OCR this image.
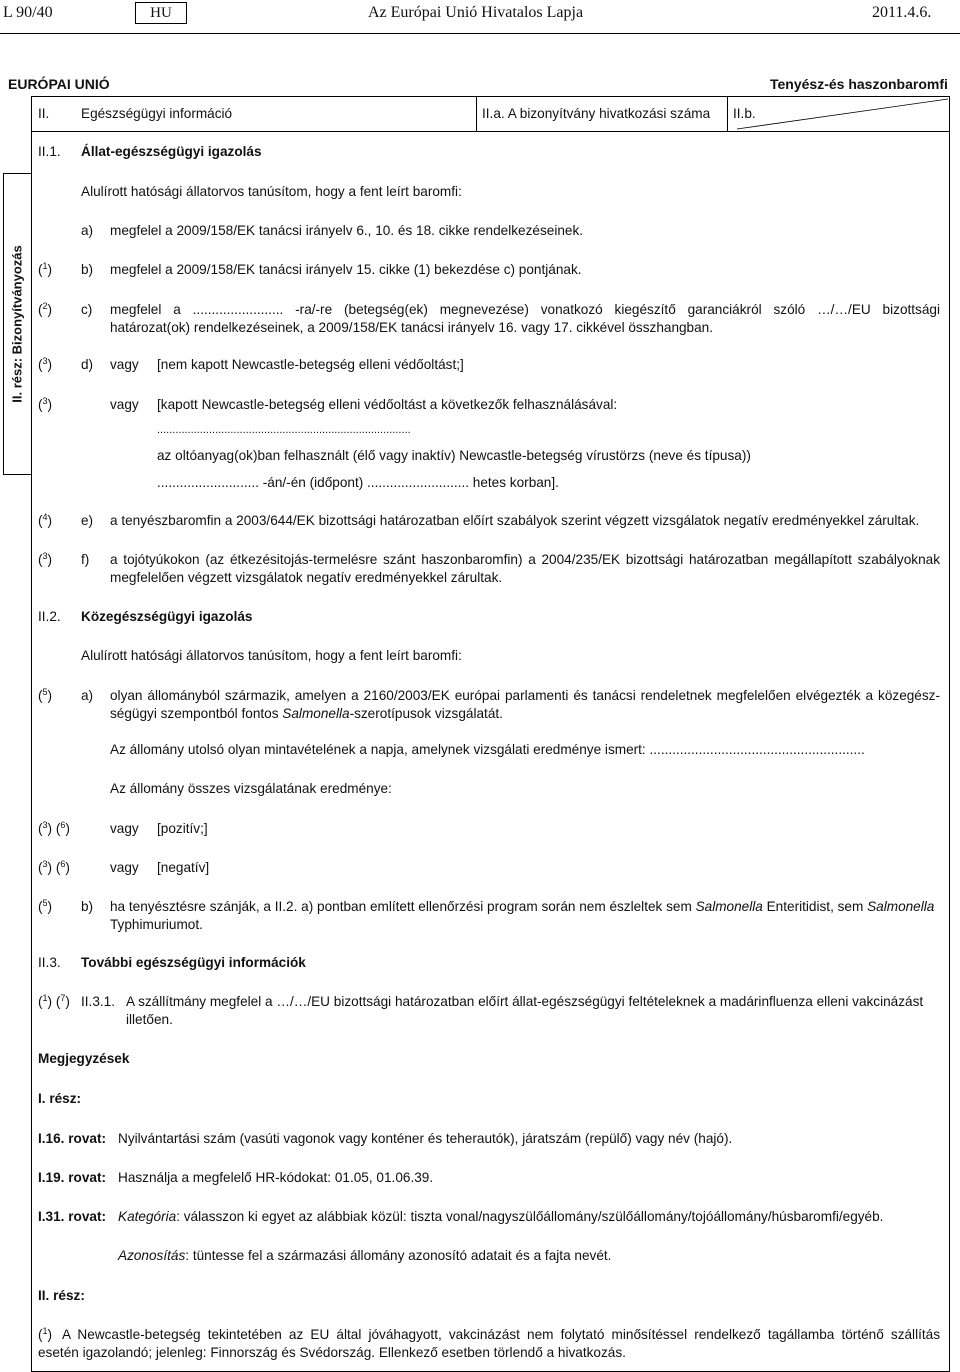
L 90/40	HU	Az Európai Unió Hivatalos Lapja	2011.4.6.
EURÓPAI UNIÓ	Tenyész-és haszonbaromfi
II. Egészségügyi információ	II.a. A bizonyítvány hivatkozási száma II.b.
II. rész: Bizonyítványozás
II.1. Állat-egészségügyi igazolás
Alulírott hatósági állatorvos tanúsítom, hogy a fent leírt baromfi:
a) megfelel a 2009/158/EK tanácsi irányelv 6., 10. és 18. cikke rendelkezéseinek.
($^1$) b) megfelel a 2009/158/EK tanácsi irányelv 15. cikke (1) bekezdése c) pontjának.
($^2$) c) megfelel a ........................ -ra/-re (betegség(ek) megnevezése) vonatkozó kiegészítő garanciákról szóló …/…/EU bizottsági
határozat(ok) rendelkezéseinek, a 2009/158/EK tanácsi irányelv 16. vagy 17. cikkével összhangban.
($^3$) d) vagy [nem kapott Newcastle-betegség elleni védőoltást;]
($^3$)	vagy [kapott Newcastle-betegség elleni védőoltást a következők felhasználásával:
...................................................................................
az oltóanyag(ok)ban felhasznált (élő vagy inaktív) Newcastle-betegség vírustörzs (neve és típusa))
........................... -án/-én (időpont) ........................... hetes korban].
($^4$) e) a tenyészbaromfin a 2003/644/EK bizottsági határozatban előírt szabályok szerint végzett vizsgálatok negatív eredményekkel zárultak.
($^3$) f) a tojótyúkokon (az étkezésitojás-termelésre szánt haszonbaromfin) a 2004/235/EK bizottsági határozatban megállapított szabályoknak
megfelelően végzett vizsgálatok negatív eredményekkel zárultak.
II.2. Közegészségügyi igazolás
Alulírott hatósági állatorvos tanúsítom, hogy a fent leírt baromfi:
($^5$) a) olyan állományból származik, amelyen a 2160/2003/EK európai parlamenti és tanácsi rendeletnek megfelelően elvégezték a közegész-
ségügyi szempontból fontos Salmonella-szerotípusok vizsgálatát.
Az állomány utolsó olyan mintavételének a napja, amelynek vizsgálati eredménye ismert: .........................................................
Az állomány összes vizsgálatának eredménye:
($^3$) ($^6$)	vagy [pozitív;]
($^3$) ($^6$)	vagy [negatív]
($^5$) b) ha tenyésztésre szánják, a II.2. a) pontban említett ellenőrzési program során nem észleltek sem Salmonella Enteritidist, sem Salmonella
Typhimuriumot.
II.3. További egészségügyi információk
($^1$) ($^7$) II.3.1. A szállítmány megfelel a …/…/EU bizottsági határozatban előírt állat-egészségügyi feltételeknek a madárinfluenza elleni vakcinázást
illetően.
Megjegyzések
I. rész:
I.16. rovat: Nyilvántartási szám (vasúti vagonok vagy konténer és teherautók), járatszám (repülő) vagy név (hajó).
I.19. rovat: Használja a megfelelő HR-kódokat: 01.05, 01.06.39.
I.31. rovat: Kategória: válasszon ki egyet az alábbiak közül: tiszta vonal/nagyszülőállomány/szülőállomány/tojóállomány/húsbaromfi/egyéb.
Azonosítás: tüntesse fel a származási állomány azonosító adatait és a fajta nevét.
II. rész:
($^1$) A Newcastle-betegség tekintetében az EU által jóváhagyott, vakcinázást nem folytató minősítéssel rendelkező tagállamba történő szállítás
esetén igazolandó; jelenleg: Finnország és Svédország. Ellenkező esetben törlendő a hivatkozás.
